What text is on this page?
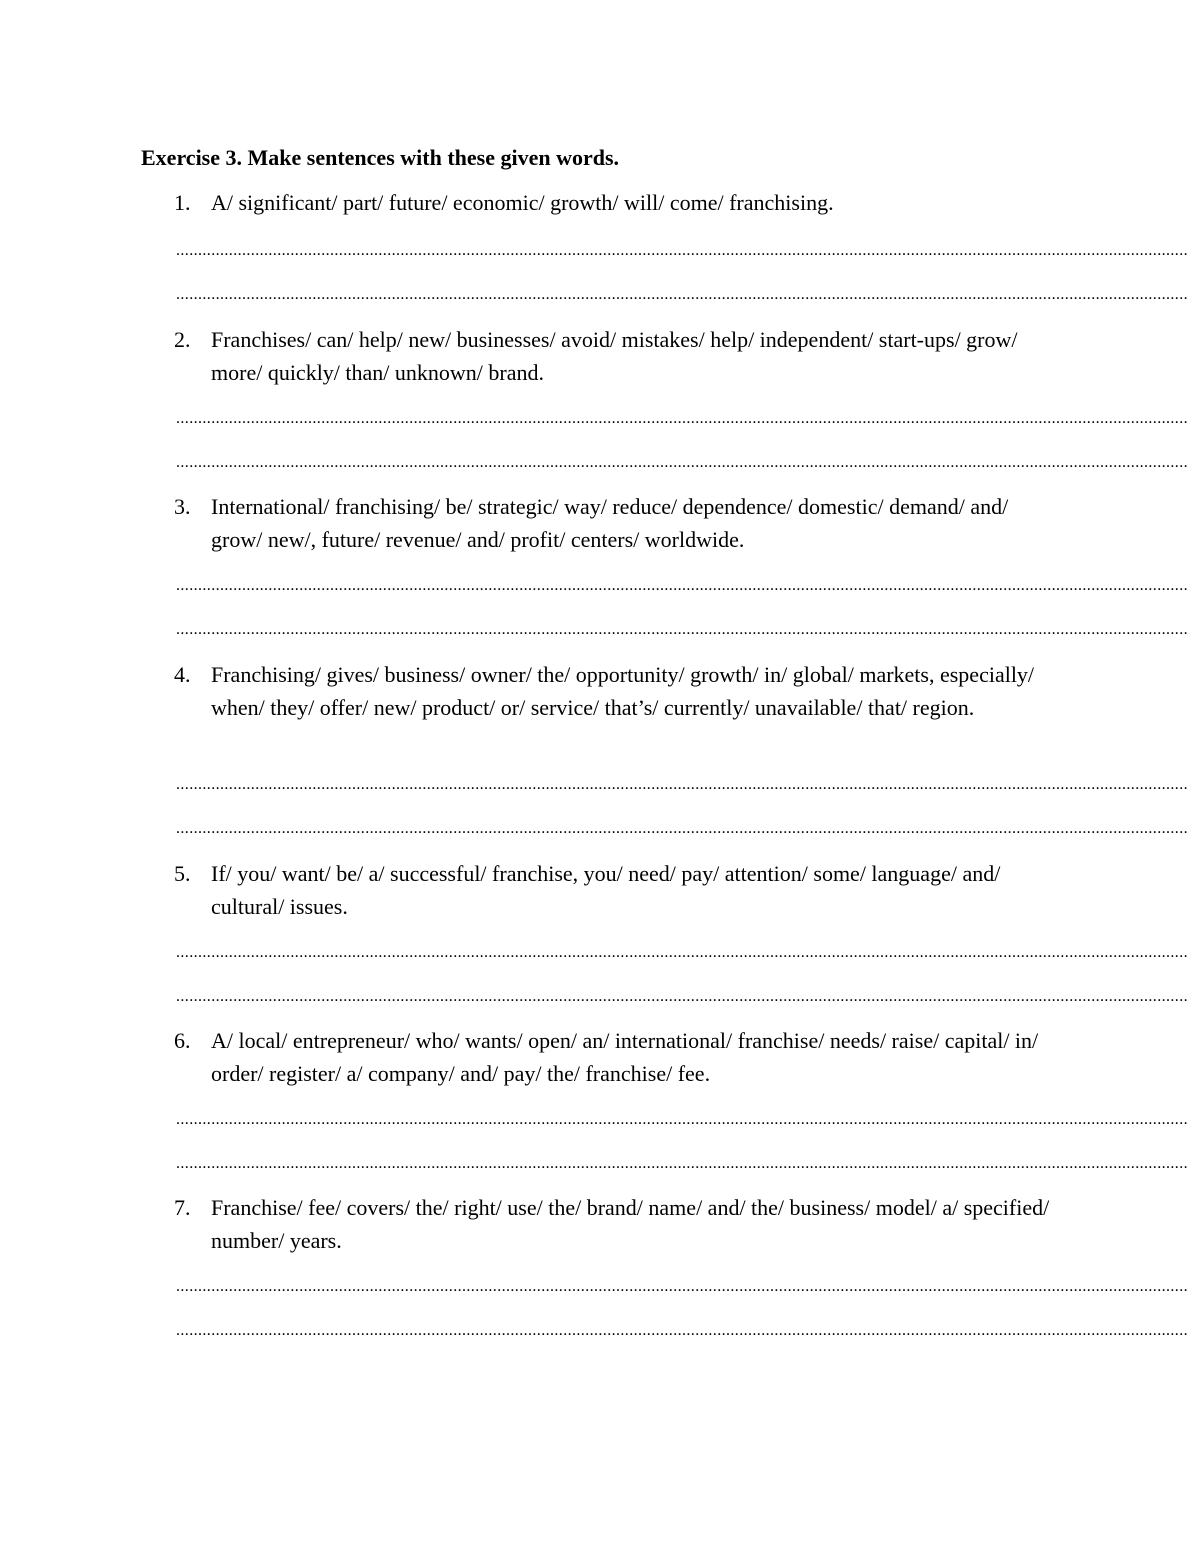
Exercise 3. Make sentences with these given words.
1. A/ significant/ part/ future/ economic/ growth/ will/ come/ franchising.
......................................................................................................................................................................................................................................
......................................................................................................................................................................................................................................
2. Franchises/ can/ help/ new/ businesses/ avoid/ mistakes/ help/ independent/ start-ups/ grow/ more/ quickly/ than/ unknown/ brand.
......................................................................................................................................................................................................................................
......................................................................................................................................................................................................................................
3. International/ franchising/ be/ strategic/ way/ reduce/ dependence/ domestic/ demand/ and/ grow/ new/, future/ revenue/ and/ profit/ centers/ worldwide.
......................................................................................................................................................................................................................................
......................................................................................................................................................................................................................................
4. Franchising/ gives/ business/ owner/ the/ opportunity/ growth/ in/ global/ markets, especially/ when/ they/ offer/ new/ product/ or/ service/ that’s/ currently/ unavailable/ that/ region.
......................................................................................................................................................................................................................................
......................................................................................................................................................................................................................................
5. If/ you/ want/ be/ a/ successful/ franchise, you/ need/ pay/ attention/ some/ language/ and/ cultural/ issues.
......................................................................................................................................................................................................................................
......................................................................................................................................................................................................................................
6. A/ local/ entrepreneur/ who/ wants/ open/ an/ international/ franchise/ needs/ raise/ capital/ in/ order/ register/ a/ company/ and/ pay/ the/ franchise/ fee.
......................................................................................................................................................................................................................................
......................................................................................................................................................................................................................................
7. Franchise/ fee/ covers/ the/ right/ use/ the/ brand/ name/ and/ the/ business/ model/ a/ specified/ number/ years.
......................................................................................................................................................................................................................................
......................................................................................................................................................................................................................................
